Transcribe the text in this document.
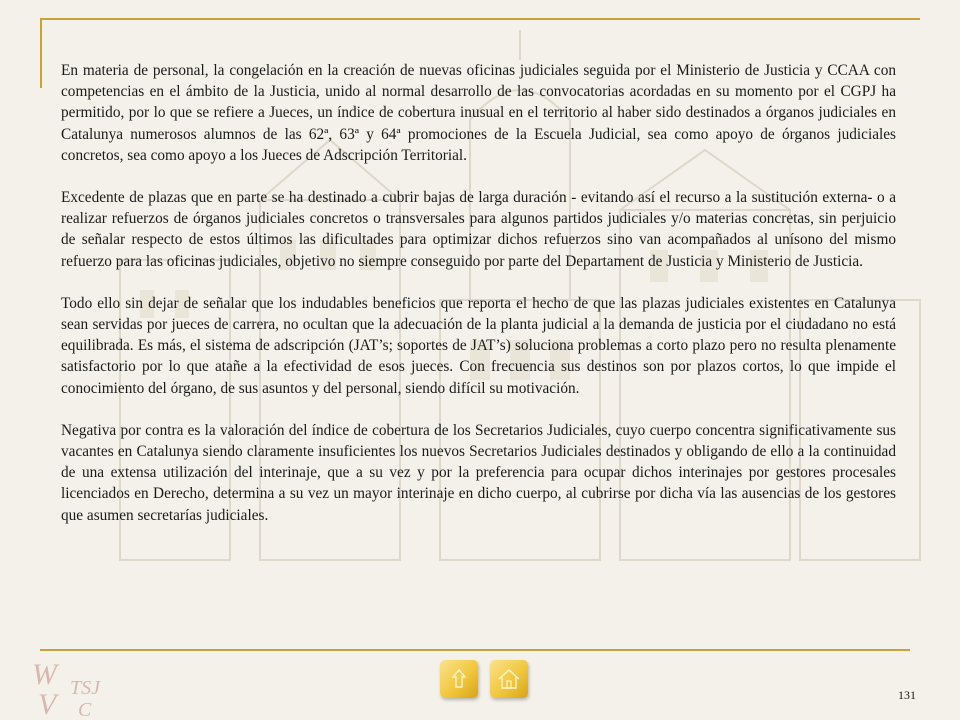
En materia de personal, la congelación en la creación de nuevas oficinas judiciales seguida por el Ministerio de Justicia y CCAA con competencias en el ámbito de la Justicia, unido al normal desarrollo de las convocatorias acordadas en su momento por el CGPJ ha permitido, por lo que se refiere a Jueces, un índice de cobertura inusual en el territorio al haber sido destinados a órganos judiciales en Catalunya numerosos alumnos de las 62ª, 63ª y 64ª promociones de la Escuela Judicial, sea como apoyo de órganos judiciales concretos, sea como apoyo a los Jueces de Adscripción Territorial.

Excedente de plazas que en parte se ha destinado a cubrir bajas de larga duración - evitando así el recurso a la sustitución externa- o a realizar refuerzos de órganos judiciales concretos o transversales para algunos partidos judiciales y/o materias concretas, sin perjuicio de señalar respecto de estos últimos las dificultades para optimizar dichos refuerzos sino van acompañados al unísono del mismo refuerzo para las oficinas judiciales, objetivo no siempre conseguido por parte del Departament de Justicia y Ministerio de Justicia.

Todo ello sin dejar de señalar que los indudables beneficios que reporta el hecho de que las plazas judiciales existentes en Catalunya sean servidas por jueces de carrera, no ocultan que la adecuación de la planta judicial a la demanda de justicia por el ciudadano no está equilibrada. Es más, el sistema de adscripción (JAT’s; soportes de JAT’s) soluciona problemas a corto plazo pero no resulta plenamente satisfactorio por lo que atañe a la efectividad de esos jueces. Con frecuencia sus destinos son por plazos cortos, lo que impide el conocimiento del órgano, de sus asuntos y del personal, siendo difícil su motivación.

Negativa por contra es la valoración del índice de cobertura de los Secretarios Judiciales, cuyo cuerpo concentra significativamente sus vacantes en Catalunya siendo claramente insuficientes los nuevos Secretarios Judiciales destinados y obligando de ello a la continuidad de una extensa utilización del interinaje, que a su vez y por la preferencia para ocupar dichos interinajes por gestores procesales licenciados en Derecho, determina a su vez un mayor interinaje en dicho cuerpo, al cubrirse por dicha vía las ausencias de los gestores que asumen secretarías judiciales.

W
V TSJ
C
131
